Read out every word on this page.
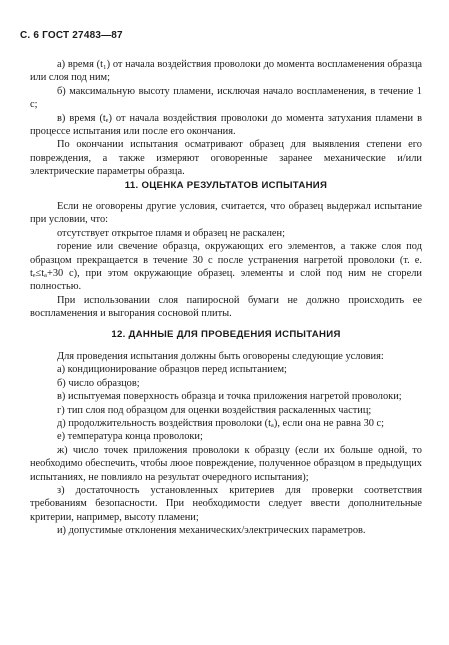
С. 6 ГОСТ 27483—87

а) время (t₁) от начала воздействия проволоки до момента воспламенения образца или слоя под ним;

б) максимальную высоту пламени, исключая начало воспламенения, в течение 1 с;

в) время (tₑ) от начала воздействия проволоки до момента затухания пламени в процессе испытания или после его окончания.

По окончании испытания осматривают образец для выявления степени его повреждения, а также измеряют оговоренные заранее механические и/или электрические параметры образца.

11. ОЦЕНКА РЕЗУЛЬТАТОВ ИСПЫТАНИЯ

Если не оговорены другие условия, считается, что образец выдержал испытание при условии, что:

отсутствует открытое пламя и образец не раскален;

горение или свечение образца, окружающих его элементов, а также слоя под образцом прекращается в течение 30 с после устранения нагретой проволоки (т. е. tₑ≤tₐ+30 с), при этом окружающие образец. элементы и слой под ним не сгорели полностью.

При использовании слоя папиросной бумаги не должно происходить ее воспламенения и выгорания сосновой плиты.

12. ДАННЫЕ ДЛЯ ПРОВЕДЕНИЯ ИСПЫТАНИЯ

Для проведения испытания должны быть оговорены следующие условия:

а) кондиционирование образцов перед испытанием;

б) число образцов;

в) испытуемая поверхность образца и точка приложения нагретой проволоки;

г) тип слоя под образцом для оценки воздействия раскаленных частиц;

д) продолжительность воздействия проволоки (tₐ), если она не равна 30 с;

е) температура конца проволоки;

ж) число точек приложения проволоки к образцу (если их больше одной, то необходимо обеспечить, чтобы люое повреждение, полученное образцом в предыдущих испытаниях, не повлияло на результат очередного испытания);

з) достаточность установленных критериев для проверки соответствия требованиям безопасности. При необходимости следует ввести дополнительные критерии, например, высоту пламени;

и) допустимые отклонения механических/электрических параметров.
